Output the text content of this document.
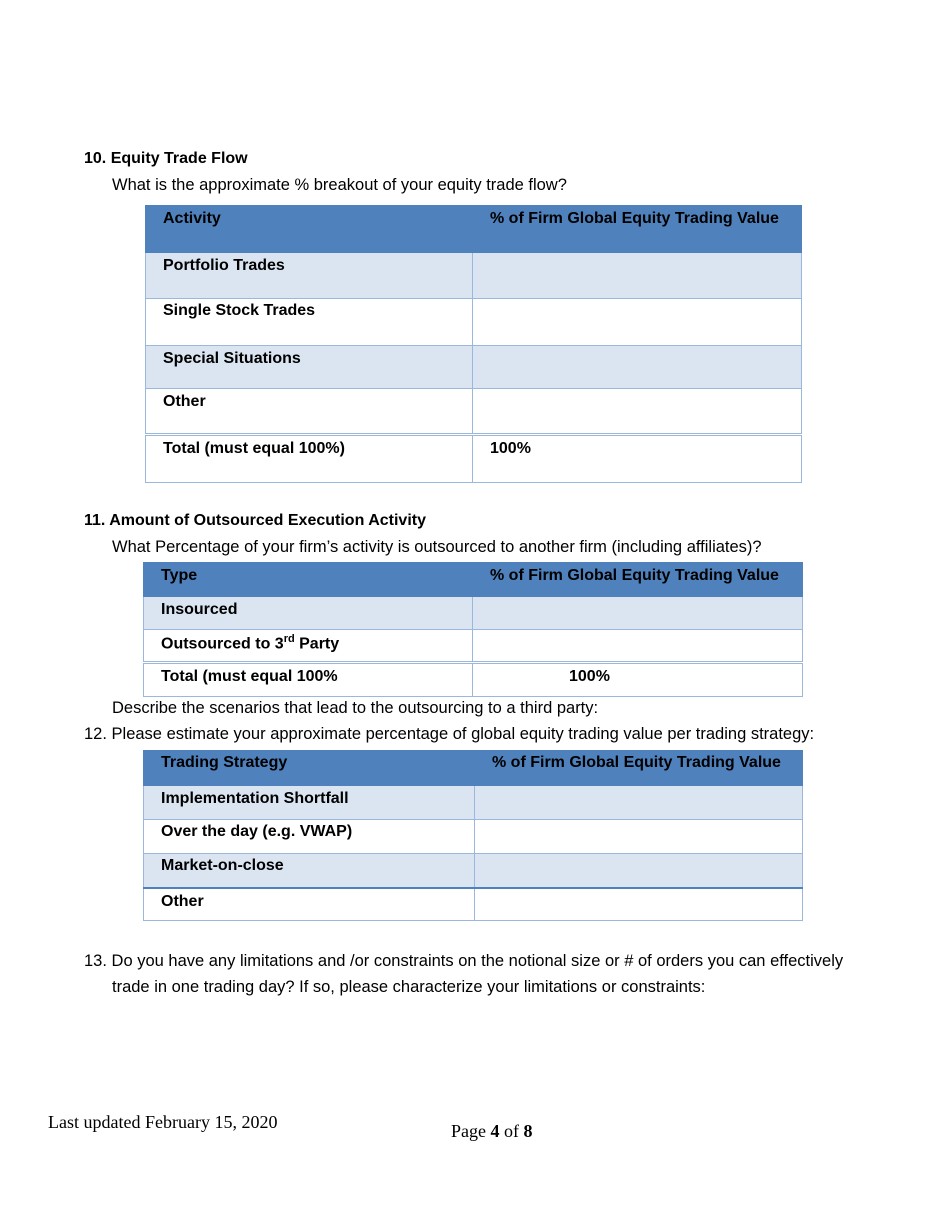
10. Equity Trade Flow
What is the approximate % breakout of your equity trade flow?
Activity	% of Firm Global Equity Trading Value
Portfolio Trades	
Single Stock Trades	
Special Situations	
Other	
Total (must equal 100%)	100%
11. Amount of Outsourced Execution Activity
What Percentage of your firm’s activity is outsourced to another firm (including affiliates)?
Type	% of Firm Global Equity Trading Value
Insourced	
Outsourced to 3rd Party	
Total (must equal 100%	100%
Describe the scenarios that lead to the outsourcing to a third party:
12. Please estimate your approximate percentage of global equity trading value per trading strategy:
Trading Strategy	% of Firm Global Equity Trading Value
Implementation Shortfall	
Over the day (e.g. VWAP)	
Market-on-close	
Other	
13. Do you have any limitations and /or constraints on the notional size or # of orders you can effectively
trade in one trading day? If so, please characterize your limitations or constraints:
Last updated February 15, 2020	Page 4 of 8
